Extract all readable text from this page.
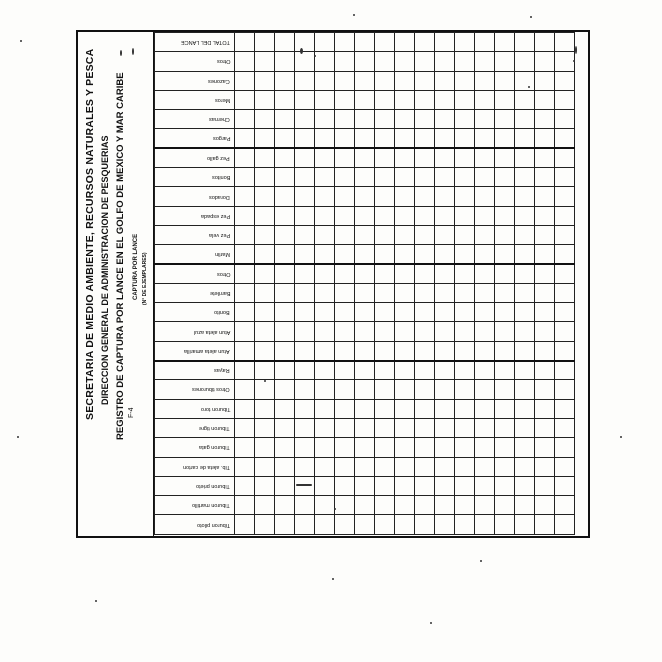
SECRETARIA DE MEDIO AMBIENTE, RECURSOS NATURALES Y PESCA DIRECCION GENERAL DE ADMINISTRACION DE PESQUERIAS REGISTRO DE CAPTURA POR LANCE EN EL GOLFO DE MEXICO Y MAR CARIBE CAPTURA POR LANCE (N° DE EJEMPLARES)
F-4
TOTAL DEL LANCE																	

Otros																	

Cazones																	

Meros																	

Chernas																	

Pargos																	

Pez gallo																	

Bonitos																	

Dorados																	

Pez espada																	

Pez vela																	

Marlin																	

Otros																	

Barrilete																	

Bonito																	

Atun aleta azul																	

Atun aleta amarilla																	

Rayas																	

Otros tiburones																	

Tiburon toro																	

Tiburon tigre																	

Tiburon gata																	

Tib. aleta de carton																	

Tiburon prieto																	

Tiburon martillo																	

Tiburon piloto																	
